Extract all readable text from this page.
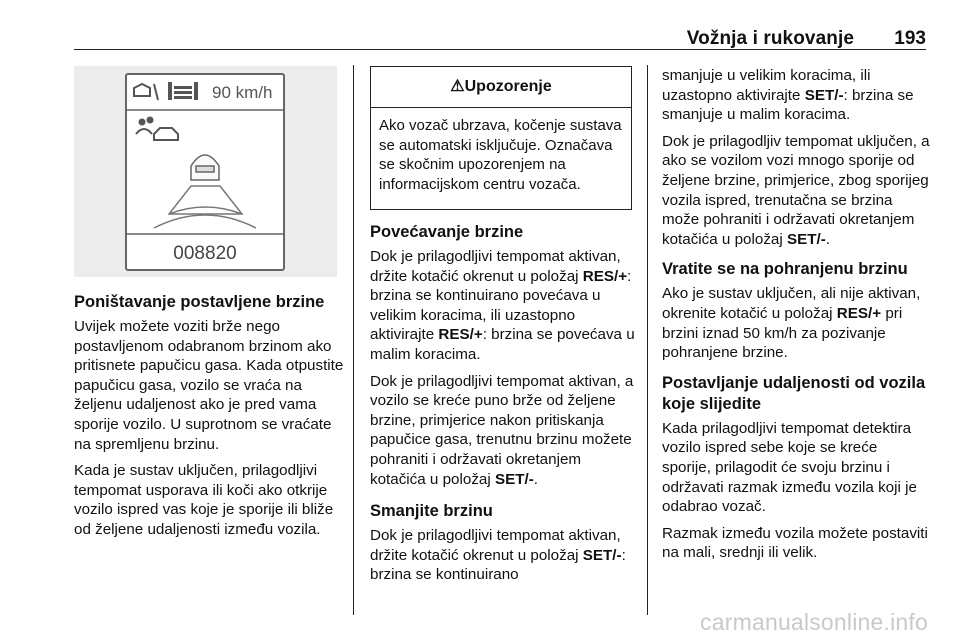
Vožnja i rukovanje 193
90 km/h
008820
Poništavanje postavljene brzine

Uvijek možete voziti brže nego postavljenom odabranom brzinom ako pritisnete papučicu gasa. Kada otpustite papučicu gasa, vozilo se vraća na željenu udaljenost ako je pred vama sporije vozilo. U suprotnom se vraćate na spremljenu brzinu.

Kada je sustav uključen, prilagodljivi tempomat usporava ili koči ako otkrije vozilo ispred vas koje je sporije ili bliže od željene udaljenosti između vozila.

⚠Upozorenje
Ako vozač ubrzava, kočenje sustava se automatski isključuje. Označava se skočnim upozorenjem na informacijskom centru vozača.
Povećavanje brzine

Dok je prilagodljivi tempomat aktivan, držite kotačić okrenut u položaj RES/+: brzina se kontinuirano povećava u velikim koracima, ili uzastopno aktivirajte RES/+: brzina se povećava u malim koracima.

Dok je prilagodljivi tempomat aktivan, a vozilo se kreće puno brže od željene brzine, primjerice nakon pritiskanja papučice gasa, trenutnu brzinu možete pohraniti i održavati okretanjem kotačića u položaj SET/-.

Smanjite brzinu

Dok je prilagodljivi tempomat aktivan, držite kotačić okrenut u položaj SET/-: brzina se kontinuirano

smanjuje u velikim koracima, ili uzastopno aktivirajte SET/-: brzina se smanjuje u malim koracima.

Dok je prilagodljiv tempomat uključen, a ako se vozilom vozi mnogo sporije od željene brzine, primjerice, zbog sporijeg vozila ispred, trenutačna se brzina može pohraniti i održavati okretanjem kotačića u položaj SET/-.

Vratite se na pohranjenu brzinu

Ako je sustav uključen, ali nije aktivan, okrenite kotačić u položaj RES/+ pri brzini iznad 50 km/h za pozivanje pohranjene brzine.

Postavljanje udaljenosti od vozila koje slijedite

Kada prilagodljivi tempomat detektira vozilo ispred sebe koje se kreće sporije, prilagodit će svoju brzinu i održavati razmak između vozila koji je odabrao vozač.

Razmak između vozila možete postaviti na mali, srednji ili velik.

carmanualsonline.info
